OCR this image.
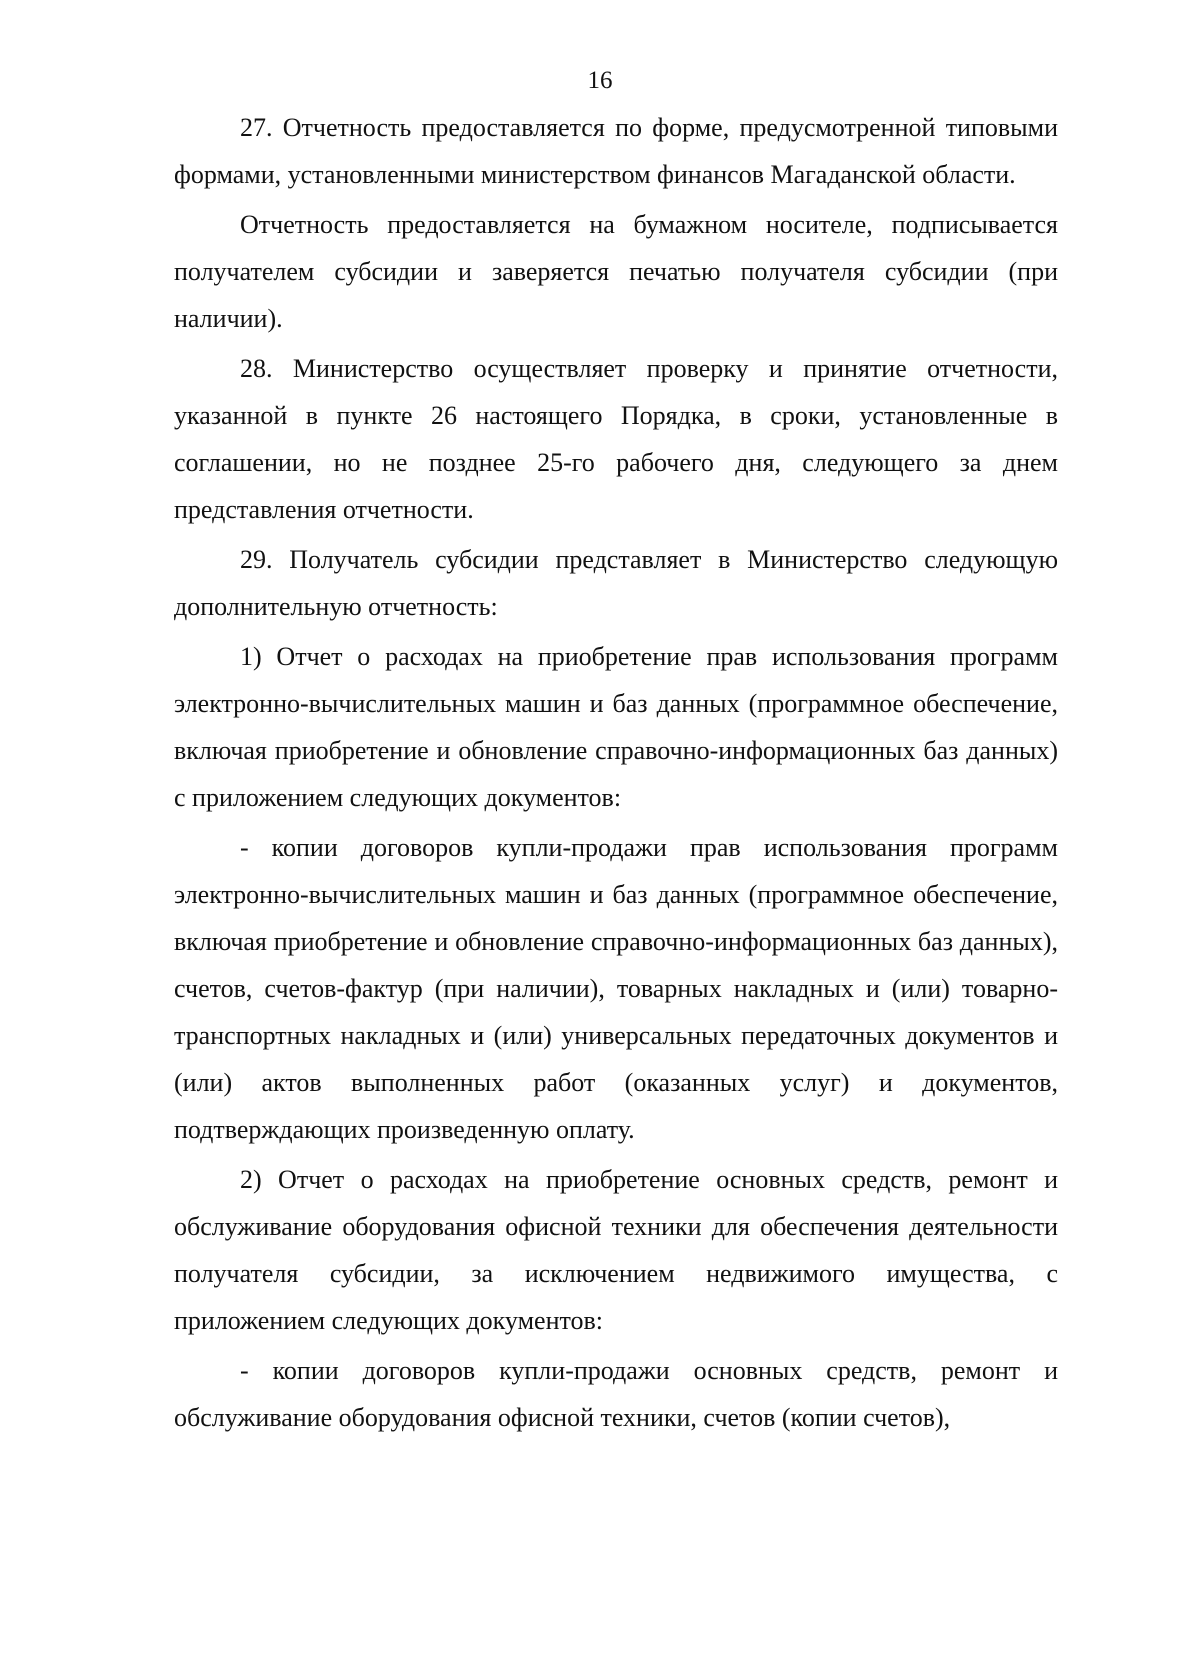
16

27. Отчетность предоставляется по форме, предусмотренной типовыми формами, установленными министерством финансов Магаданской области.

Отчетность предоставляется на бумажном носителе, подписывается получателем субсидии и заверяется печатью получателя субсидии (при наличии).

28. Министерство осуществляет проверку и принятие отчетности, указанной в пункте 26 настоящего Порядка, в сроки, установленные в соглашении, но не позднее 25-го рабочего дня, следующего за днем представления отчетности.

29. Получатель субсидии представляет в Министерство следующую дополнительную отчетность:

1) Отчет о расходах на приобретение прав использования программ электронно-вычислительных машин и баз данных (программное обеспечение, включая приобретение и обновление справочно-информационных баз данных) с приложением следующих документов:

- копии договоров купли-продажи прав использования программ электронно-вычислительных машин и баз данных (программное обеспечение, включая приобретение и обновление справочно-информационных баз данных), счетов, счетов-фактур (при наличии), товарных накладных и (или) товарно-транспортных накладных и (или) универсальных передаточных документов и (или) актов выполненных работ (оказанных услуг) и документов, подтверждающих произведенную оплату.

2) Отчет о расходах на приобретение основных средств, ремонт и обслуживание оборудования офисной техники для обеспечения деятельности получателя субсидии, за исключением недвижимого имущества, с приложением следующих документов:

- копии договоров купли-продажи основных средств, ремонт и обслуживание оборудования офисной техники, счетов (копии счетов),
